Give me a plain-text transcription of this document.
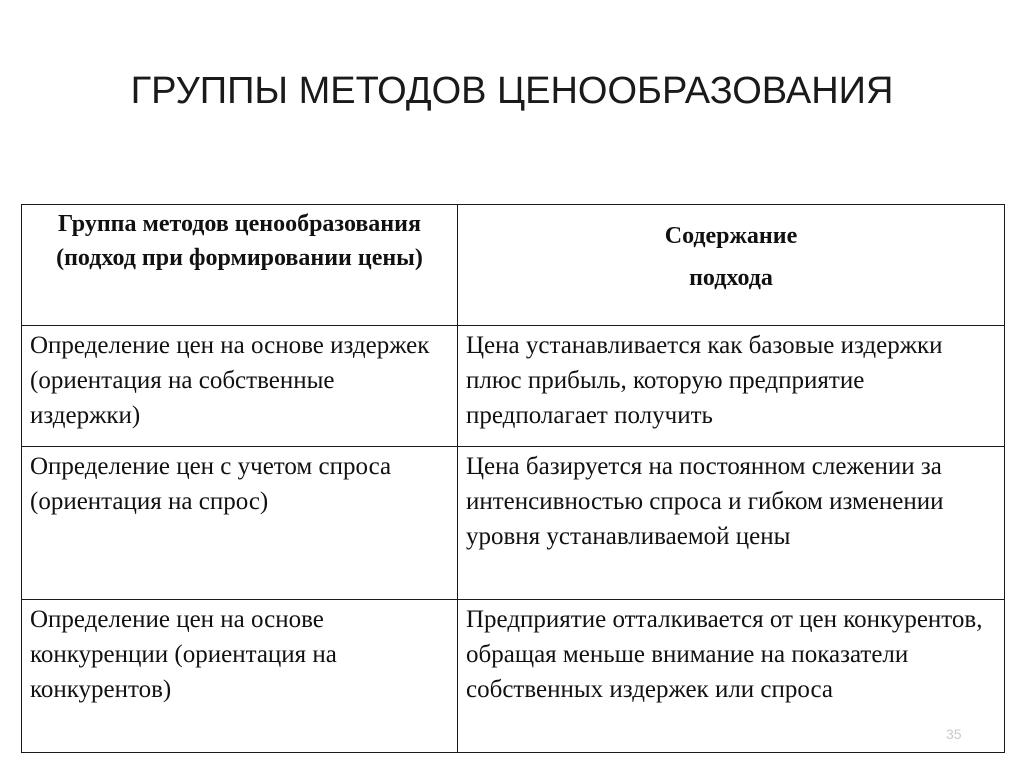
ГРУППЫ МЕТОДОВ ЦЕНООБРАЗОВАНИЯ
Группа методов ценообразования (подход при формировании цены)	Содержание
подхода

Определение цен на основе издержек (ориентация на собственные издержки)	Цена устанавливается как базовые издержки плюс прибыль, которую предприятие предполагает получить
Определение цен с учетом спроса (ориентация на спрос)	Цена базируется на постоянном слежении за интенсивностью спроса и гибком изменении уровня устанавливаемой цены
Определение цен на основе конкуренции (ориентация на конкурентов)	Предприятие отталкивается от цен конкурентов, обращая меньше внимание на показатели собственных издержек или спроса
35
